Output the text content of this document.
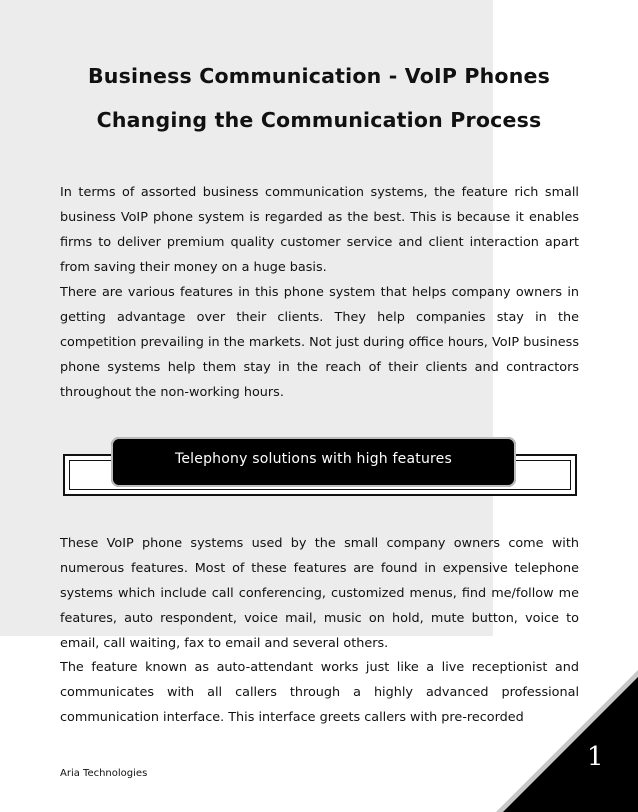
Business Communication - VoIP Phones
Changing the Communication Process

In terms of assorted business communication systems, the feature rich small business VoIP phone system is regarded as the best. This is because it enables firms to deliver premium quality customer service and client interaction apart from saving their money on a huge basis.

There are various features in this phone system that helps company owners in getting advantage over their clients. They help companies stay in the competition prevailing in the markets. Not just during office hours, VoIP business phone systems help them stay in the reach of their clients and contractors throughout the non-working hours.

Telephony solutions with high features

These VoIP phone systems used by the small company owners come with numerous features. Most of these features are found in expensive telephone systems which include call conferencing, customized menus, find me/follow me features, auto respondent, voice mail, music on hold, mute button, voice to email, call waiting, fax to email and several others.

The feature known as auto-attendant works just like a live receptionist and communicates with all callers through a highly advanced professional communication interface. This interface greets callers with pre-recorded

Aria Technologies
1
